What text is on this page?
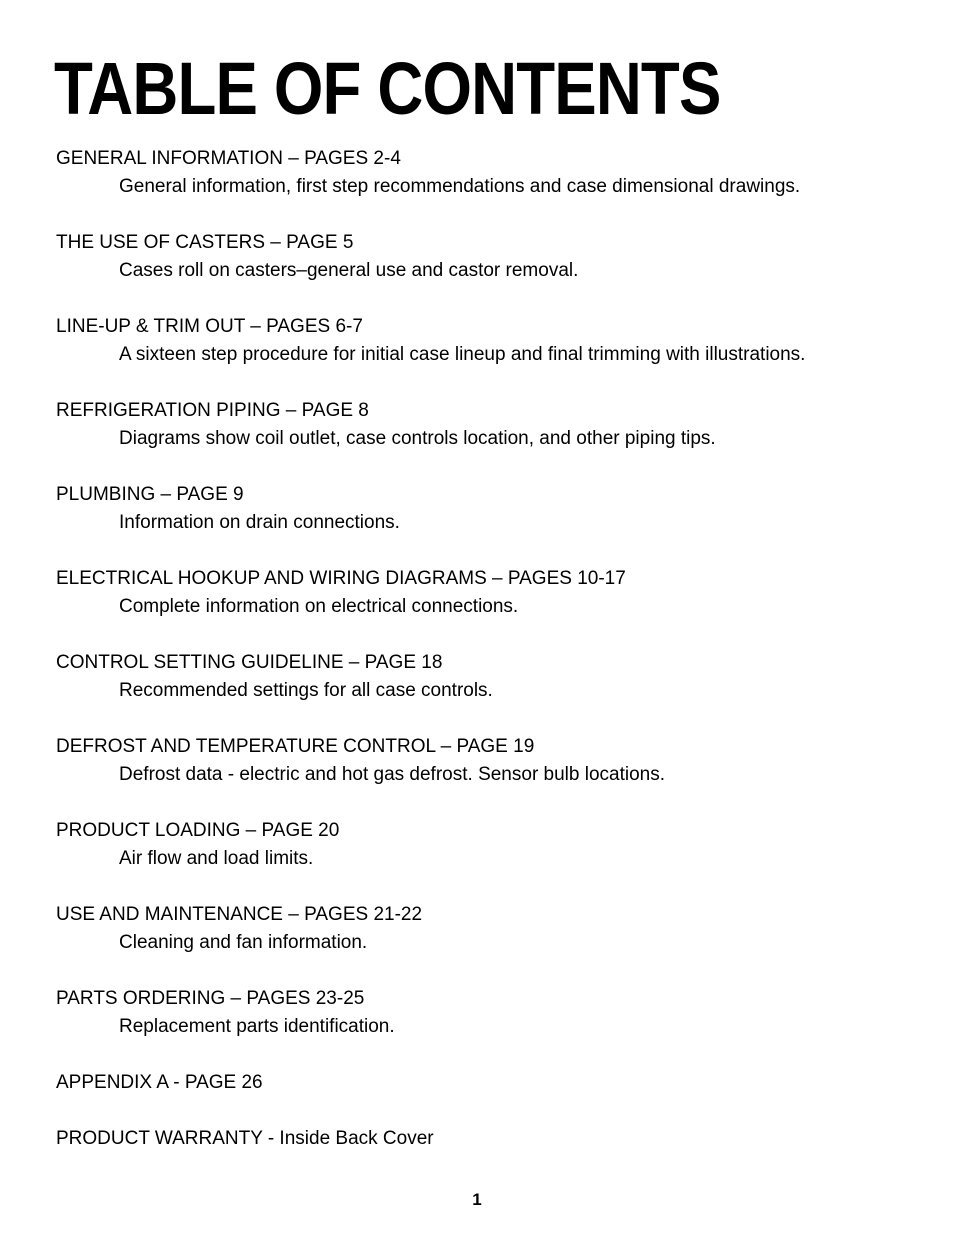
TABLE OF CONTENTS
GENERAL INFORMATION – PAGES 2-4
General information, first step recommendations and case dimensional drawings.
THE USE OF CASTERS – PAGE 5
Cases roll on casters–general use and castor removal.
LINE-UP & TRIM OUT – PAGES 6-7
A sixteen step procedure for initial case lineup and final trimming with illustrations.
REFRIGERATION PIPING – PAGE 8
Diagrams show coil outlet, case controls location, and other piping tips.
PLUMBING – PAGE 9
Information on drain connections.
ELECTRICAL HOOKUP AND WIRING DIAGRAMS – PAGES 10-17
Complete information on electrical connections.
CONTROL SETTING GUIDELINE – PAGE 18
Recommended settings for all case controls.
DEFROST AND TEMPERATURE CONTROL – PAGE 19
Defrost data - electric and hot gas defrost. Sensor bulb locations.
PRODUCT LOADING – PAGE 20
Air flow and load limits.
USE AND MAINTENANCE – PAGES 21-22
Cleaning and fan information.
PARTS ORDERING – PAGES 23-25
Replacement parts identification.
APPENDIX A - PAGE 26
PRODUCT WARRANTY - Inside Back Cover
1
